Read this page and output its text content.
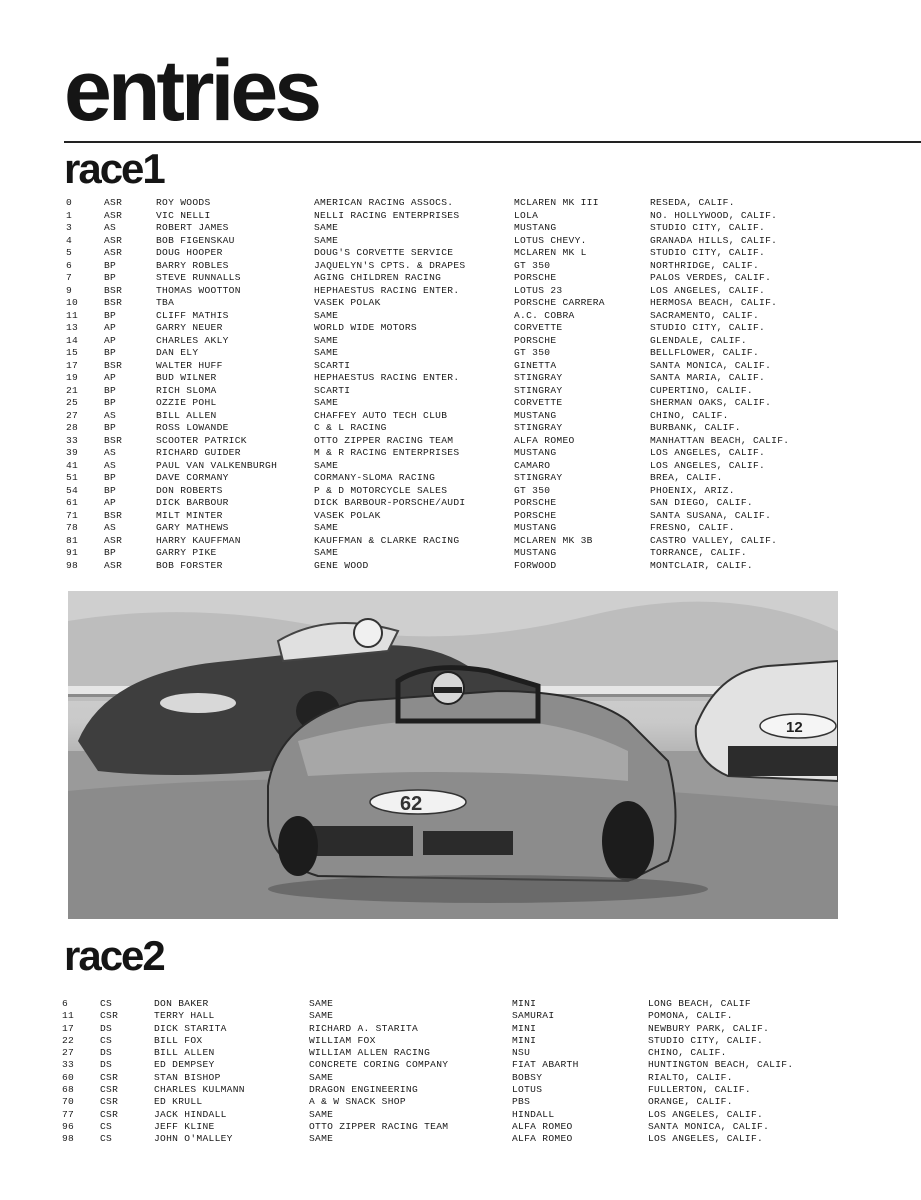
entries
race1
0	ASR	ROY WOODS	AMERICAN RACING ASSOCS.	MCLAREN MK III	RESEDA, CALIF.
1	ASR	VIC NELLI	NELLI RACING ENTERPRISES	LOLA	NO. HOLLYWOOD, CALIF.
3	AS	ROBERT JAMES	SAME	MUSTANG	STUDIO CITY, CALIF.
4	ASR	BOB FIGENSKAU	SAME	LOTUS CHEVY.	GRANADA HILLS, CALIF.
5	ASR	DOUG HOOPER	DOUG'S CORVETTE SERVICE	MCLAREN MK L	STUDIO CITY, CALIF.
6	BP	BARRY ROBLES	JAQUELYN'S CPTS. & DRAPES	GT 350	NORTHRIDGE, CALIF.
7	BP	STEVE RUNNALLS	AGING CHILDREN RACING	PORSCHE	PALOS VERDES, CALIF.
9	BSR	THOMAS WOOTTON	HEPHAESTUS RACING ENTER.	LOTUS 23	LOS ANGELES, CALIF.
10	BSR	TBA	VASEK POLAK	PORSCHE CARRERA	HERMOSA BEACH, CALIF.
11	BP	CLIFF MATHIS	SAME	A.C. COBRA	SACRAMENTO, CALIF.
13	AP	GARRY NEUER	WORLD WIDE MOTORS	CORVETTE	STUDIO CITY, CALIF.
14	AP	CHARLES AKLY	SAME	PORSCHE	GLENDALE, CALIF.
15	BP	DAN ELY	SAME	GT 350	BELLFLOWER, CALIF.
17	BSR	WALTER HUFF	SCARTI	GINETTA	SANTA MONICA, CALIF.
19	AP	BUD WILNER	HEPHAESTUS RACING ENTER.	STINGRAY	SANTA MARIA, CALIF.
21	BP	RICH SLOMA	SCARTI	STINGRAY	CUPERTINO, CALIF.
25	BP	OZZIE POHL	SAME	CORVETTE	SHERMAN OAKS, CALIF.
27	AS	BILL ALLEN	CHAFFEY AUTO TECH CLUB	MUSTANG	CHINO, CALIF.
28	BP	ROSS LOWANDE	C & L RACING	STINGRAY	BURBANK, CALIF.
33	BSR	SCOOTER PATRICK	OTTO ZIPPER RACING TEAM	ALFA ROMEO	MANHATTAN BEACH, CALIF.
39	AS	RICHARD GUIDER	M & R RACING ENTERPRISES	MUSTANG	LOS ANGELES, CALIF.
41	AS	PAUL VAN VALKENBURGH	SAME	CAMARO	LOS ANGELES, CALIF.
51	BP	DAVE CORMANY	CORMANY-SLOMA RACING	STINGRAY	BREA, CALIF.
54	BP	DON ROBERTS	P & D MOTORCYCLE SALES	GT 350	PHOENIX, ARIZ.
61	AP	DICK BARBOUR	DICK BARBOUR-PORSCHE/AUDI	PORSCHE	SAN DIEGO, CALIF.
71	BSR	MILT MINTER	VASEK POLAK	PORSCHE	SANTA SUSANA, CALIF.
78	AS	GARY MATHEWS	SAME	MUSTANG	FRESNO, CALIF.
81	ASR	HARRY KAUFFMAN	KAUFFMAN & CLARKE RACING	MCLAREN MK 3B	CASTRO VALLEY, CALIF.
91	BP	GARRY PIKE	SAME	MUSTANG	TORRANCE, CALIF.
98	ASR	BOB FORSTER	GENE WOOD	FORWOOD	MONTCLAIR, CALIF.
12
62
race2
6	CS	DON BAKER	SAME	MINI	LONG BEACH, CALIF
11	CSR	TERRY HALL	SAME	SAMURAI	POMONA, CALIF.
17	DS	DICK STARITA	RICHARD A. STARITA	MINI	NEWBURY PARK, CALIF.
22	CS	BILL FOX	WILLIAM FOX	MINI	STUDIO CITY, CALIF.
27	DS	BILL ALLEN	WILLIAM ALLEN RACING	NSU	CHINO, CALIF.
33	DS	ED DEMPSEY	CONCRETE CORING COMPANY	FIAT ABARTH	HUNTINGTON BEACH, CALIF.
60	CSR	STAN BISHOP	SAME	BOBSY	RIALTO, CALIF.
68	CSR	CHARLES KULMANN	DRAGON ENGINEERING	LOTUS	FULLERTON, CALIF.
70	CSR	ED KRULL	A & W SNACK SHOP	PBS	ORANGE, CALIF.
77	CSR	JACK HINDALL	SAME	HINDALL	LOS ANGELES, CALIF.
96	CS	JEFF KLINE	OTTO ZIPPER RACING TEAM	ALFA ROMEO	SANTA MONICA, CALIF.
98	CS	JOHN O'MALLEY	SAME	ALFA ROMEO	LOS ANGELES, CALIF.
